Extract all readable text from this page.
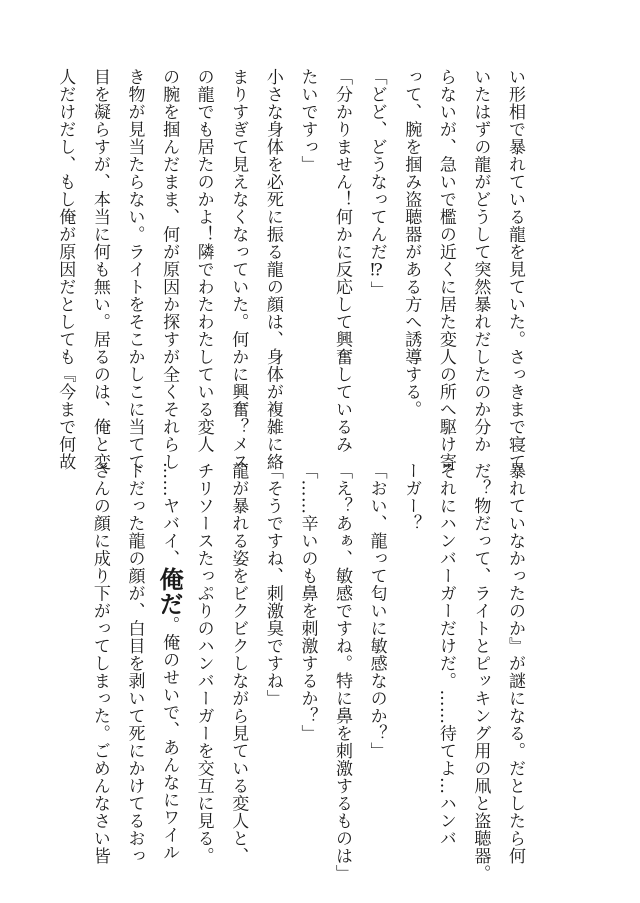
い形相で暴れている龍を見ていた。さっきまで寝て

いたはずの龍がどうして突然暴れだしたのか分か

らないが、急いで檻の近くに居た変人の所へ駆け寄

って、腕を掴み盗聴器がある方へ誘導する。

「どど、どうなってんだ⁉」

「分かりません！何かに反応して興奮しているみ

たいですっ」

小さな身体を必死に振る龍の顔は、身体が複雑に絡

まりすぎて見えなくなっていた。何かに興奮？メス

の龍でも居たのかよ！隣でわたわたしている変人

の腕を掴んだまま、何が原因か探すが全くそれらし

き物が見当たらない。ライトをそこかしこに当てて

目を凝らすが、本当に何も無い。居るのは、俺と変

人だけだし、もし俺が原因だとしても『今まで何故

暴れていなかったのか』が謎になる。だとしたら何

だ？物だって、ライトとピッキング用の凧と盗聴器。

それにハンバーガーだけだ。……待てよ…ハンバ

ーガー？

「おい、龍って匂いに敏感なのか？」

「え？あぁ、敏感ですね。特に鼻を刺激するものは」

「……辛いのも鼻を刺激するか？」

「そうですね、刺激臭ですね」

龍が暴れる姿をビクビクしながら見ている変人と、

チリソースたっぷりのハンバーガーを交互に見る。

……ヤバイ、俺だ。俺のせいで、あんなにワイル

ドだった龍の顔が、白目を剥いて死にかけてるおっ

さんの顔に成り下がってしまった。ごめんなさい皆
